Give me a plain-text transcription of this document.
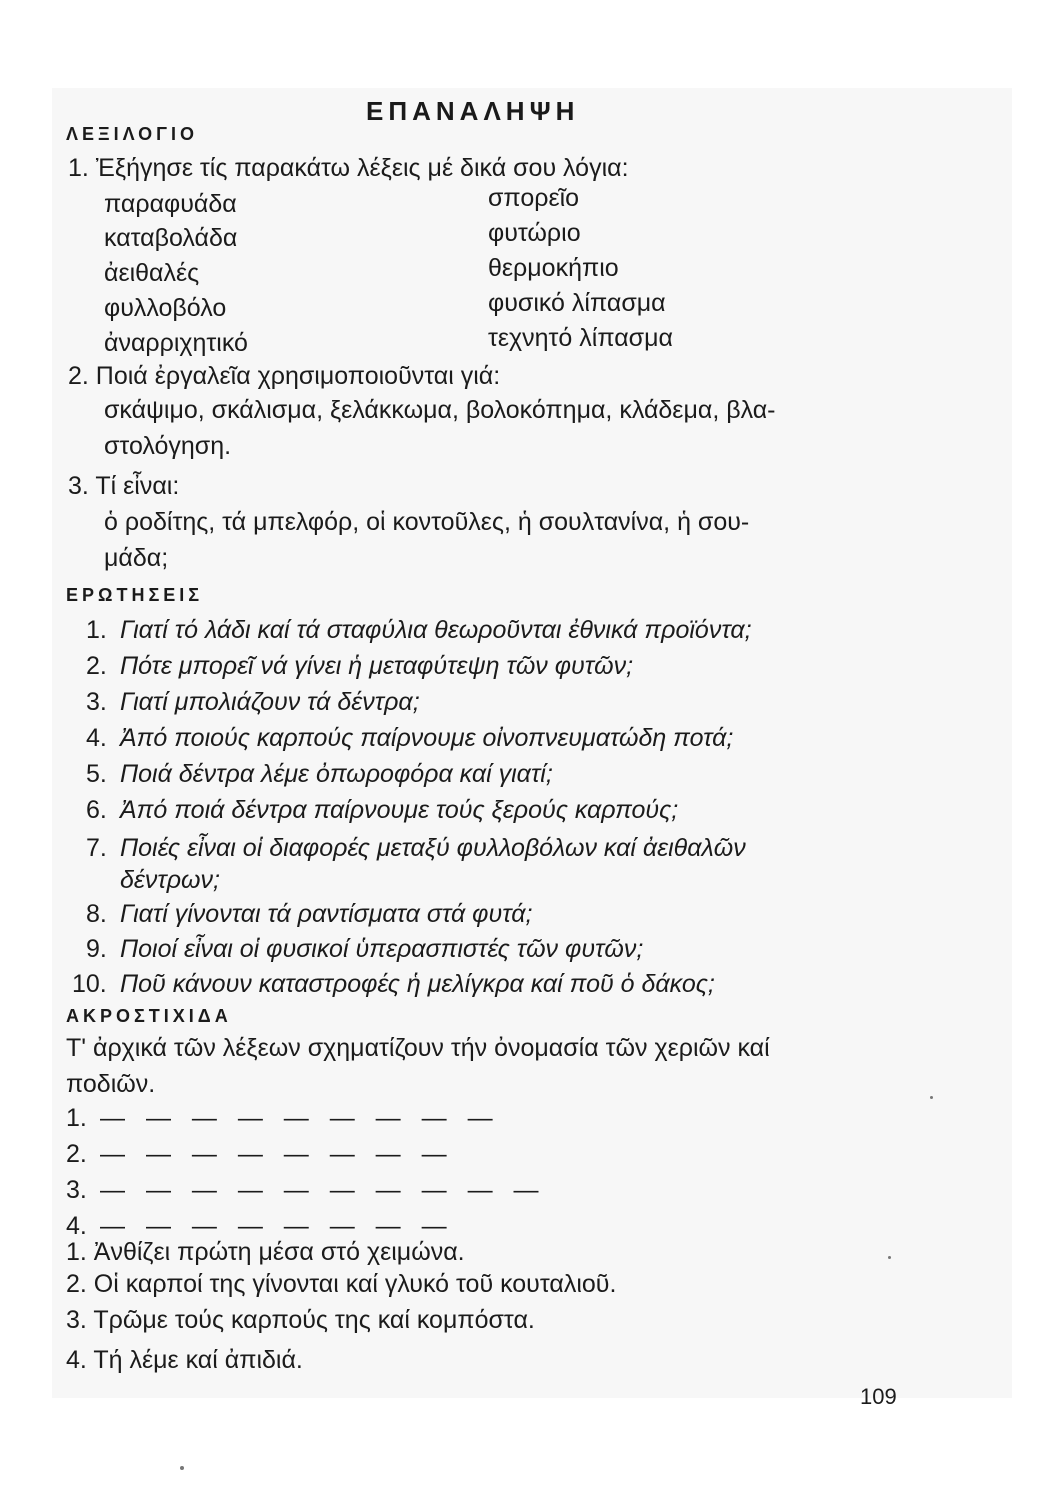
ΕΠΑΝΑΛΗΨΗ
ΛΕΞΙΛΟΓΙΟ
1. Ἐξήγησε τίς παρακάτω λέξεις μέ δικά σου λόγια:
παραφυάδα
καταβολάδα
ἀειθαλές
φυλλοβόλο
ἀναρριχητικό
σπορεῖο
φυτώριο
θερμοκήπιο
φυσικό λίπασμα
τεχνητό λίπασμα
2. Ποιά ἐργαλεῖα χρησιμοποιοῦνται γιά:
σκάψιμο, σκάλισμα, ξελάκκωμα, βολοκόπημα, κλάδεμα, βλα-
στολόγηση.
3. Τί εἶναι:
ὁ ροδίτης, τά μπελφόρ, οἱ κοντοῦλες, ἡ σουλτανίνα, ἡ σου-
μάδα;
ΕΡΩΤΗΣΕΙΣ
1. Γιατί τό λάδι καί τά σταφύλια θεωροῦνται ἐθνικά προϊόντα;
2. Πότε μπορεῖ νά γίνει ἡ μεταφύτεψη τῶν φυτῶν;
3. Γιατί μπολιάζουν τά δέντρα;
4. Ἀπό ποιούς καρπούς παίρνουμε οἰνοπνευματώδη ποτά;
5. Ποιά δέντρα λέμε ὀπωροφόρα καί γιατί;
6. Ἀπό ποιά δέντρα παίρνουμε τούς ξερούς καρπούς;
7. Ποιές εἶναι οἱ διαφορές μεταξύ φυλλοβόλων καί ἀειθαλῶν
δέντρων;
8. Γιατί γίνονται τά ραντίσματα στά φυτά;
9. Ποιοί εἶναι οἱ φυσικοί ὑπερασπιστές τῶν φυτῶν;
10. Ποῦ κάνουν καταστροφές ἡ μελίγκρα καί ποῦ ὁ δάκος;
ΑΚΡΟΣΤΙΧΙΔΑ
Τ' ἀρχικά τῶν λέξεων σχηματίζουν τήν ὀνομασία τῶν χεριῶν καί
ποδιῶν.
1. — — — — — — — — —
2. — — — — — — — —
3. — — — — — — — — — —
4. — — — — — — — —
1. Ἀνθίζει πρώτη μέσα στό χειμώνα.
2. Οἱ καρποί της γίνονται καί γλυκό τοῦ κουταλιοῦ.
3. Τρῶμε τούς καρπούς της καί κομπόστα.
4. Τή λέμε καί ἀπιδιά.
109
